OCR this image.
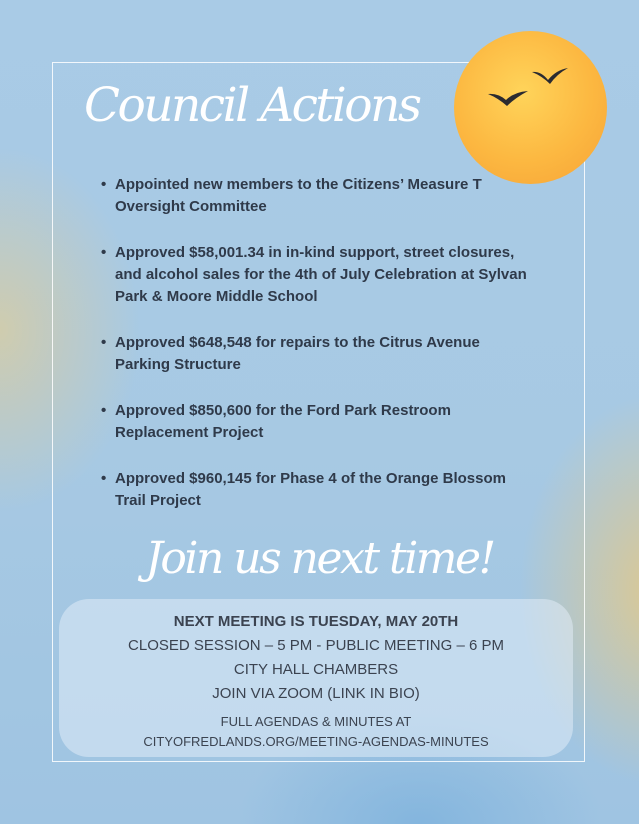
Council Actions
• Appointed new members to the Citizens’ Measure T Oversight Committee
• Approved $58,001.34 in in-kind support, street closures, and alcohol sales for the 4th of July Celebration at Sylvan Park & Moore Middle School
• Approved $648,548 for repairs to the Citrus Avenue Parking Structure
• Approved $850,600 for the Ford Park Restroom Replacement Project
• Approved $960,145 for Phase 4 of the Orange Blossom Trail Project
Join us next time!
NEXT MEETING IS TUESDAY, MAY 20TH
CLOSED SESSION – 5 PM - PUBLIC MEETING – 6 PM
CITY HALL CHAMBERS
JOIN VIA ZOOM (LINK IN BIO)
FULL AGENDAS & MINUTES AT
CITYOFREDLANDS.ORG/MEETING-AGENDAS-MINUTES
